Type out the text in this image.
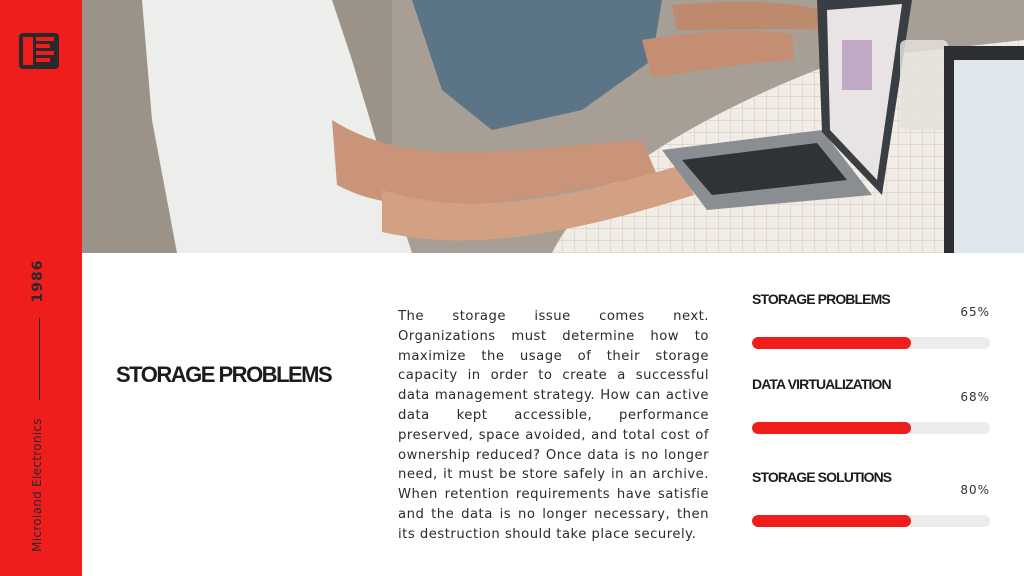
1986
Microland Electronics
STORAGE PROBLEMS

The storage issue comes next. Organizations must determine how to maximize the usage of their storage capacity in order to create a successful data management strategy. How can active data kept accessible, performance preserved, space avoided, and total cost of ownership reduced? Once data is no longer need, it must be store safely in an archive. When retention requirements have satisfie and the data is no longer necessary, then its destruction should take place securely.

STORAGE PROBLEMS
65%
DATA VIRTUALIZATION
68%
STORAGE SOLUTIONS
80%
